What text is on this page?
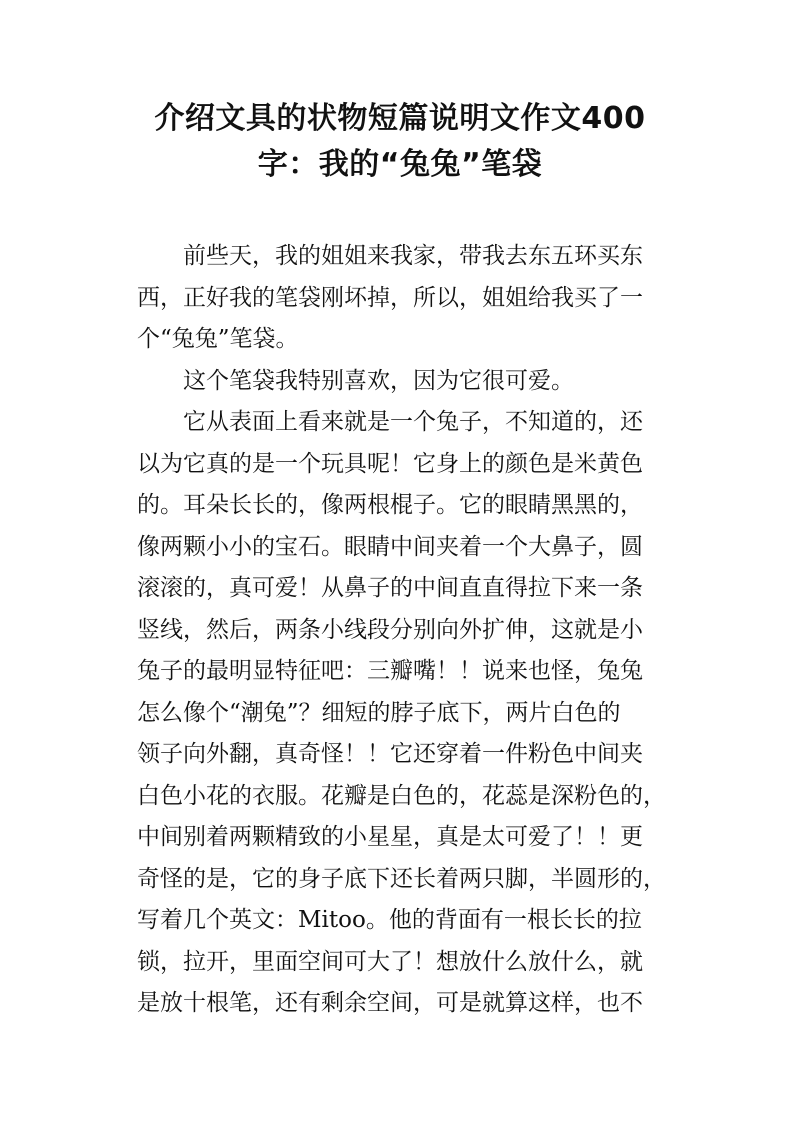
介绍文具的状物短篇说明文作文400
字：我的“兔兔”笔袋

前些天，我的姐姐来我家，带我去东五环买东
西，正好我的笔袋刚坏掉，所以，姐姐给我买了一
个“兔兔”笔袋。

这个笔袋我特别喜欢，因为它很可爱。

它从表面上看来就是一个兔子，不知道的，还
以为它真的是一个玩具呢！它身上的颜色是米黄色
的。耳朵长长的，像两根棍子。它的眼睛黑黑的，
像两颗小小的宝石。眼睛中间夹着一个大鼻子，圆
滚滚的，真可爱！从鼻子的中间直直得拉下来一条
竖线，然后，两条小线段分别向外扩伸，这就是小
兔子的最明显特征吧：三瓣嘴！！说来也怪，兔兔
怎么像个“潮兔”？细短的脖子底下，两片白色的
领子向外翻，真奇怪！！它还穿着一件粉色中间夹
白色小花的衣服。花瓣是白色的，花蕊是深粉色的，
中间别着两颗精致的小星星，真是太可爱了！！更
奇怪的是，它的身子底下还长着两只脚，半圆形的，
写着几个英文：Mitoo。他的背面有一根长长的拉
锁，拉开，里面空间可大了！想放什么放什么，就
是放十根笔，还有剩余空间，可是就算这样，也不
